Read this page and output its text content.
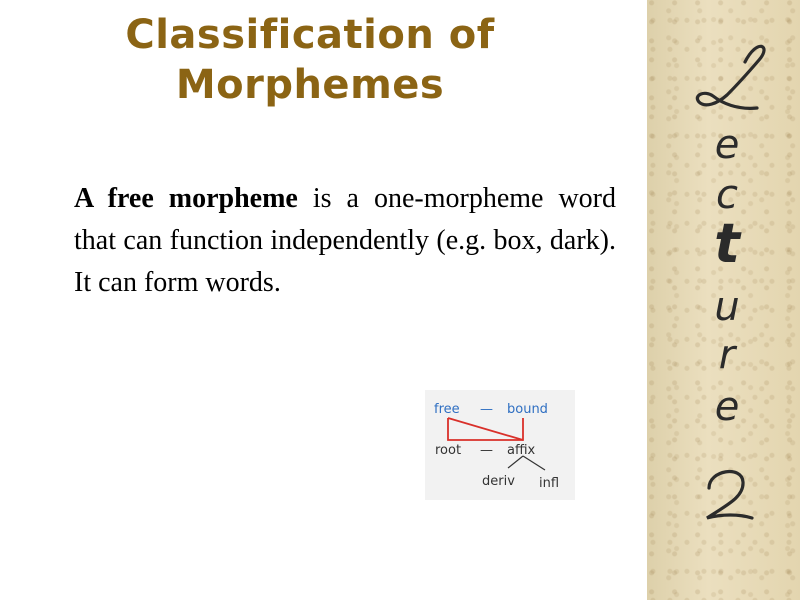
Classification of
Morphemes
A free morpheme is a one-morpheme word that can function independently (e.g. box, dark). It can form words.
free — bound
root — affix
deriv infl
e
c
t
u
r
e
